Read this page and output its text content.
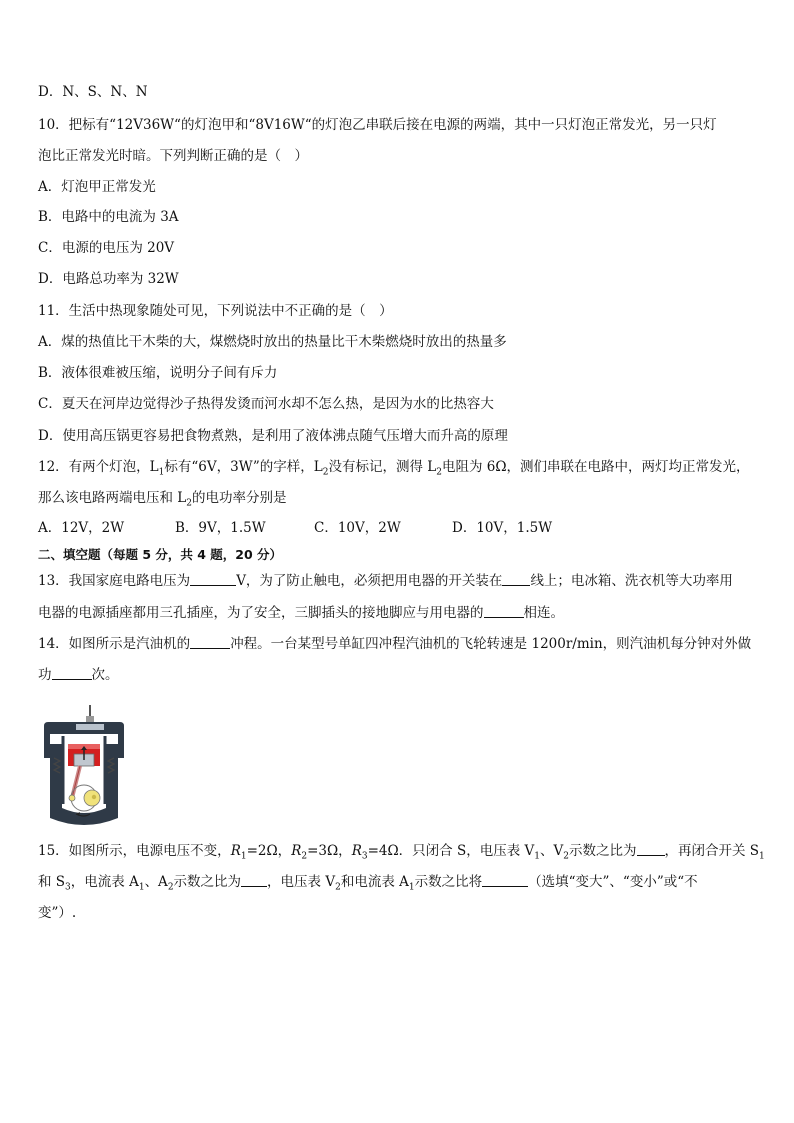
D．N、S、N、N
10．把标有“12V36W“的灯泡甲和“8V16W“的灯泡乙串联后接在电源的两端，其中一只灯泡正常发光，另一只灯
泡比正常发光时暗。下列判断正确的是（　）
A．灯泡甲正常发光
B．电路中的电流为 3A
C．电源的电压为 20V
D．电路总功率为 32W
11．生活中热现象随处可见，下列说法中不正确的是（　）
A．煤的热值比干木柴的大，煤燃烧时放出的热量比干木柴燃烧时放出的热量多
B．液体很难被压缩，说明分子间有斥力
C．夏天在河岸边觉得沙子热得发烫而河水却不怎么热，是因为水的比热容大
D．使用高压锅更容易把食物煮熟，是利用了液体沸点随气压增大而升高的原理
12．有两个灯泡，$L_1$标有“6V，3W”的字样，$L_2$没有标记，测得 $L_2$电阻为 6Ω，测们串联在电路中，两灯均正常发光，
那么该电路两端电压和 $L_2$的电功率分别是
A．12V，2W	B．9V，1.5W	C．10V，2W	D．10V，1.5W
二、填空题（每题 5 分，共 4 题，20 分）
13．我国家庭电路电压为	V，为了防止触电，必须把用电器的开关装在 线上；电冰箱、洗衣机等大功率用
电器的电源插座都用三孔插座，为了安全，三脚插头的接地脚应与用电器的	相连。
14．如图所示是汽油机的	冲程。一台某型号单缸四冲程汽油机的飞轮转速是 1200r/min，则汽油机每分钟对外做
功	次。
15．如图所示，电源电压不变，$R_1=2\Omega$，$R_2=3\Omega$，$R_3=4\Omega$．只闭合 S，电压表 $V_1$、$V_2$示数之比为 ，再闭合开关 $S_1$
和 $S_3$，电流表 $A_1$、$A_2$示数之比为 ，电压表 $V_2$和电流表 $A_1$示数之比将	（选填“变大”、“变小”或“不
变”）.
